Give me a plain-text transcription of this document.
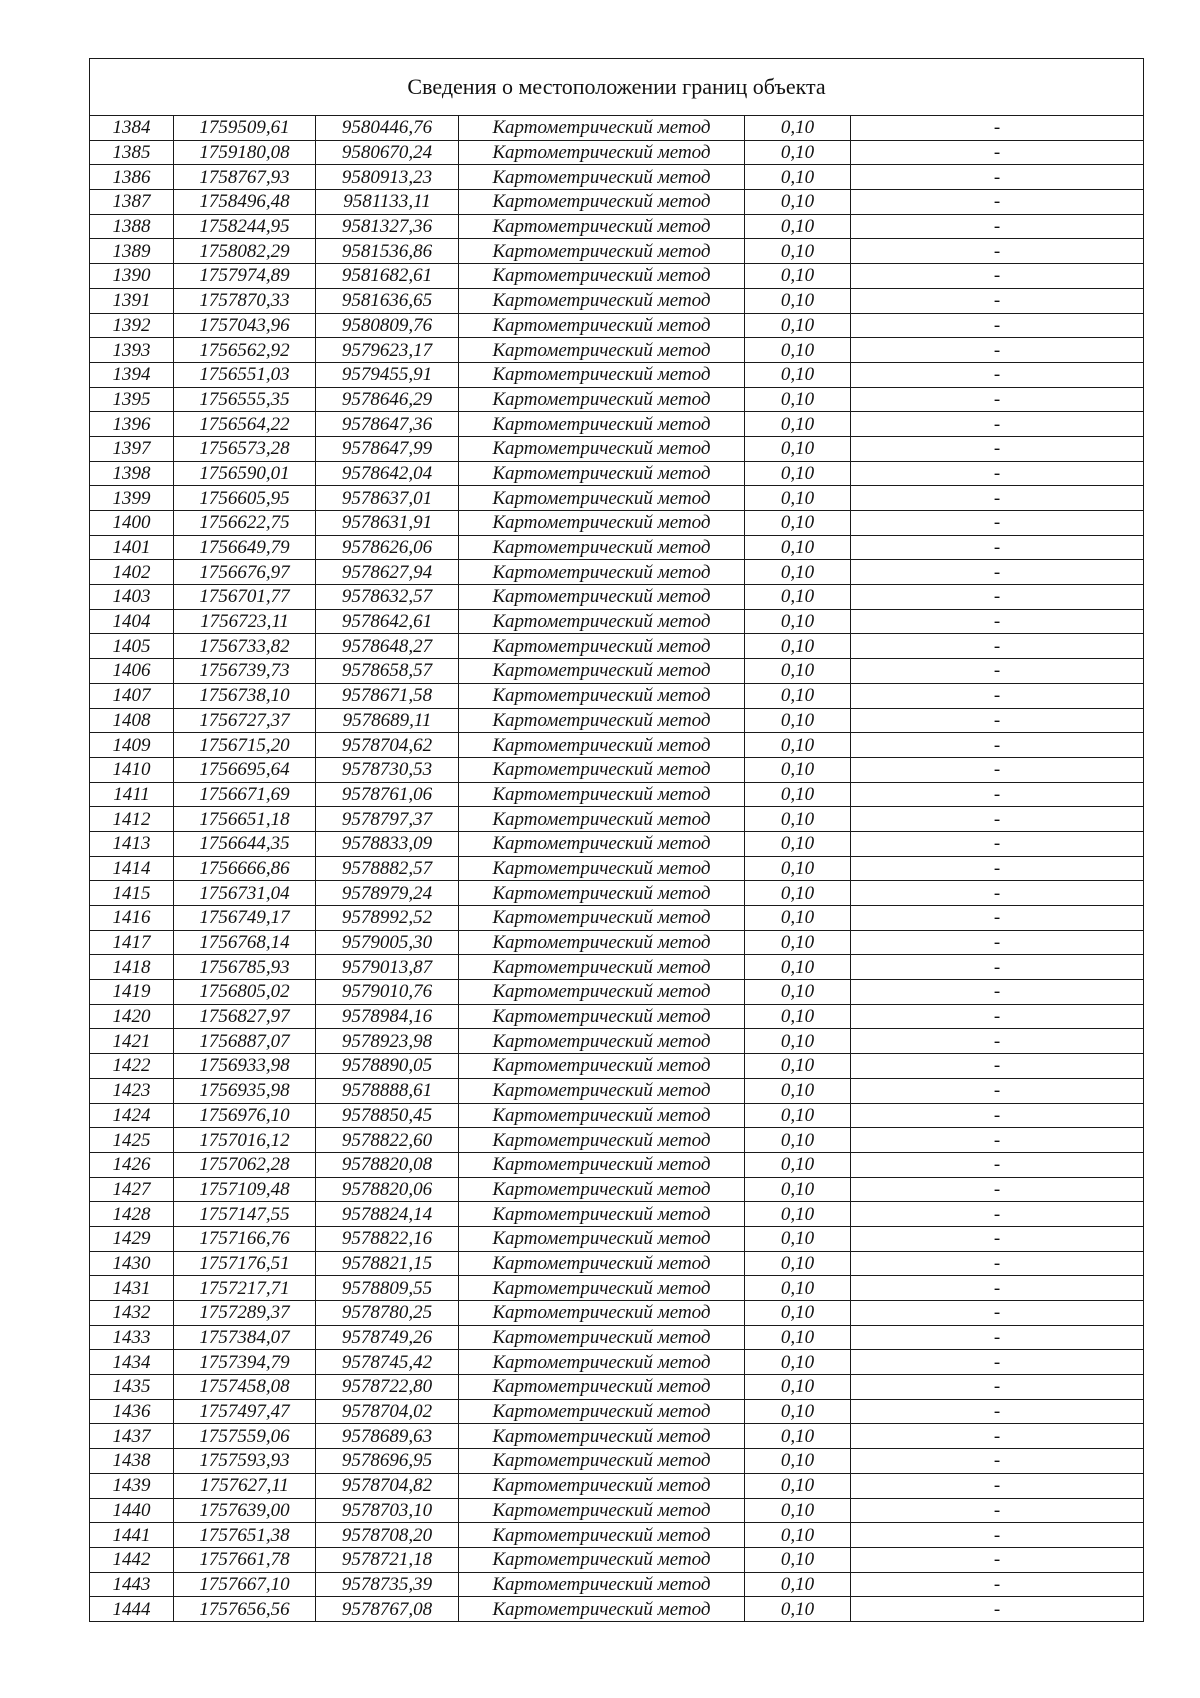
Сведения о местоположении границ объекта					
1384	1759509,61	9580446,76	Картометрический метод	0,10	-
1385	1759180,08	9580670,24	Картометрический метод	0,10	-
1386	1758767,93	9580913,23	Картометрический метод	0,10	-
1387	1758496,48	9581133,11	Картометрический метод	0,10	-
1388	1758244,95	9581327,36	Картометрический метод	0,10	-
1389	1758082,29	9581536,86	Картометрический метод	0,10	-
1390	1757974,89	9581682,61	Картометрический метод	0,10	-
1391	1757870,33	9581636,65	Картометрический метод	0,10	-
1392	1757043,96	9580809,76	Картометрический метод	0,10	-
1393	1756562,92	9579623,17	Картометрический метод	0,10	-
1394	1756551,03	9579455,91	Картометрический метод	0,10	-
1395	1756555,35	9578646,29	Картометрический метод	0,10	-
1396	1756564,22	9578647,36	Картометрический метод	0,10	-
1397	1756573,28	9578647,99	Картометрический метод	0,10	-
1398	1756590,01	9578642,04	Картометрический метод	0,10	-
1399	1756605,95	9578637,01	Картометрический метод	0,10	-
1400	1756622,75	9578631,91	Картометрический метод	0,10	-
1401	1756649,79	9578626,06	Картометрический метод	0,10	-
1402	1756676,97	9578627,94	Картометрический метод	0,10	-
1403	1756701,77	9578632,57	Картометрический метод	0,10	-
1404	1756723,11	9578642,61	Картометрический метод	0,10	-
1405	1756733,82	9578648,27	Картометрический метод	0,10	-
1406	1756739,73	9578658,57	Картометрический метод	0,10	-
1407	1756738,10	9578671,58	Картометрический метод	0,10	-
1408	1756727,37	9578689,11	Картометрический метод	0,10	-
1409	1756715,20	9578704,62	Картометрический метод	0,10	-
1410	1756695,64	9578730,53	Картометрический метод	0,10	-
1411	1756671,69	9578761,06	Картометрический метод	0,10	-
1412	1756651,18	9578797,37	Картометрический метод	0,10	-
1413	1756644,35	9578833,09	Картометрический метод	0,10	-
1414	1756666,86	9578882,57	Картометрический метод	0,10	-
1415	1756731,04	9578979,24	Картометрический метод	0,10	-
1416	1756749,17	9578992,52	Картометрический метод	0,10	-
1417	1756768,14	9579005,30	Картометрический метод	0,10	-
1418	1756785,93	9579013,87	Картометрический метод	0,10	-
1419	1756805,02	9579010,76	Картометрический метод	0,10	-
1420	1756827,97	9578984,16	Картометрический метод	0,10	-
1421	1756887,07	9578923,98	Картометрический метод	0,10	-
1422	1756933,98	9578890,05	Картометрический метод	0,10	-
1423	1756935,98	9578888,61	Картометрический метод	0,10	-
1424	1756976,10	9578850,45	Картометрический метод	0,10	-
1425	1757016,12	9578822,60	Картометрический метод	0,10	-
1426	1757062,28	9578820,08	Картометрический метод	0,10	-
1427	1757109,48	9578820,06	Картометрический метод	0,10	-
1428	1757147,55	9578824,14	Картометрический метод	0,10	-
1429	1757166,76	9578822,16	Картометрический метод	0,10	-
1430	1757176,51	9578821,15	Картометрический метод	0,10	-
1431	1757217,71	9578809,55	Картометрический метод	0,10	-
1432	1757289,37	9578780,25	Картометрический метод	0,10	-
1433	1757384,07	9578749,26	Картометрический метод	0,10	-
1434	1757394,79	9578745,42	Картометрический метод	0,10	-
1435	1757458,08	9578722,80	Картометрический метод	0,10	-
1436	1757497,47	9578704,02	Картометрический метод	0,10	-
1437	1757559,06	9578689,63	Картометрический метод	0,10	-
1438	1757593,93	9578696,95	Картометрический метод	0,10	-
1439	1757627,11	9578704,82	Картометрический метод	0,10	-
1440	1757639,00	9578703,10	Картометрический метод	0,10	-
1441	1757651,38	9578708,20	Картометрический метод	0,10	-
1442	1757661,78	9578721,18	Картометрический метод	0,10	-
1443	1757667,10	9578735,39	Картометрический метод	0,10	-
1444	1757656,56	9578767,08	Картометрический метод	0,10	-
